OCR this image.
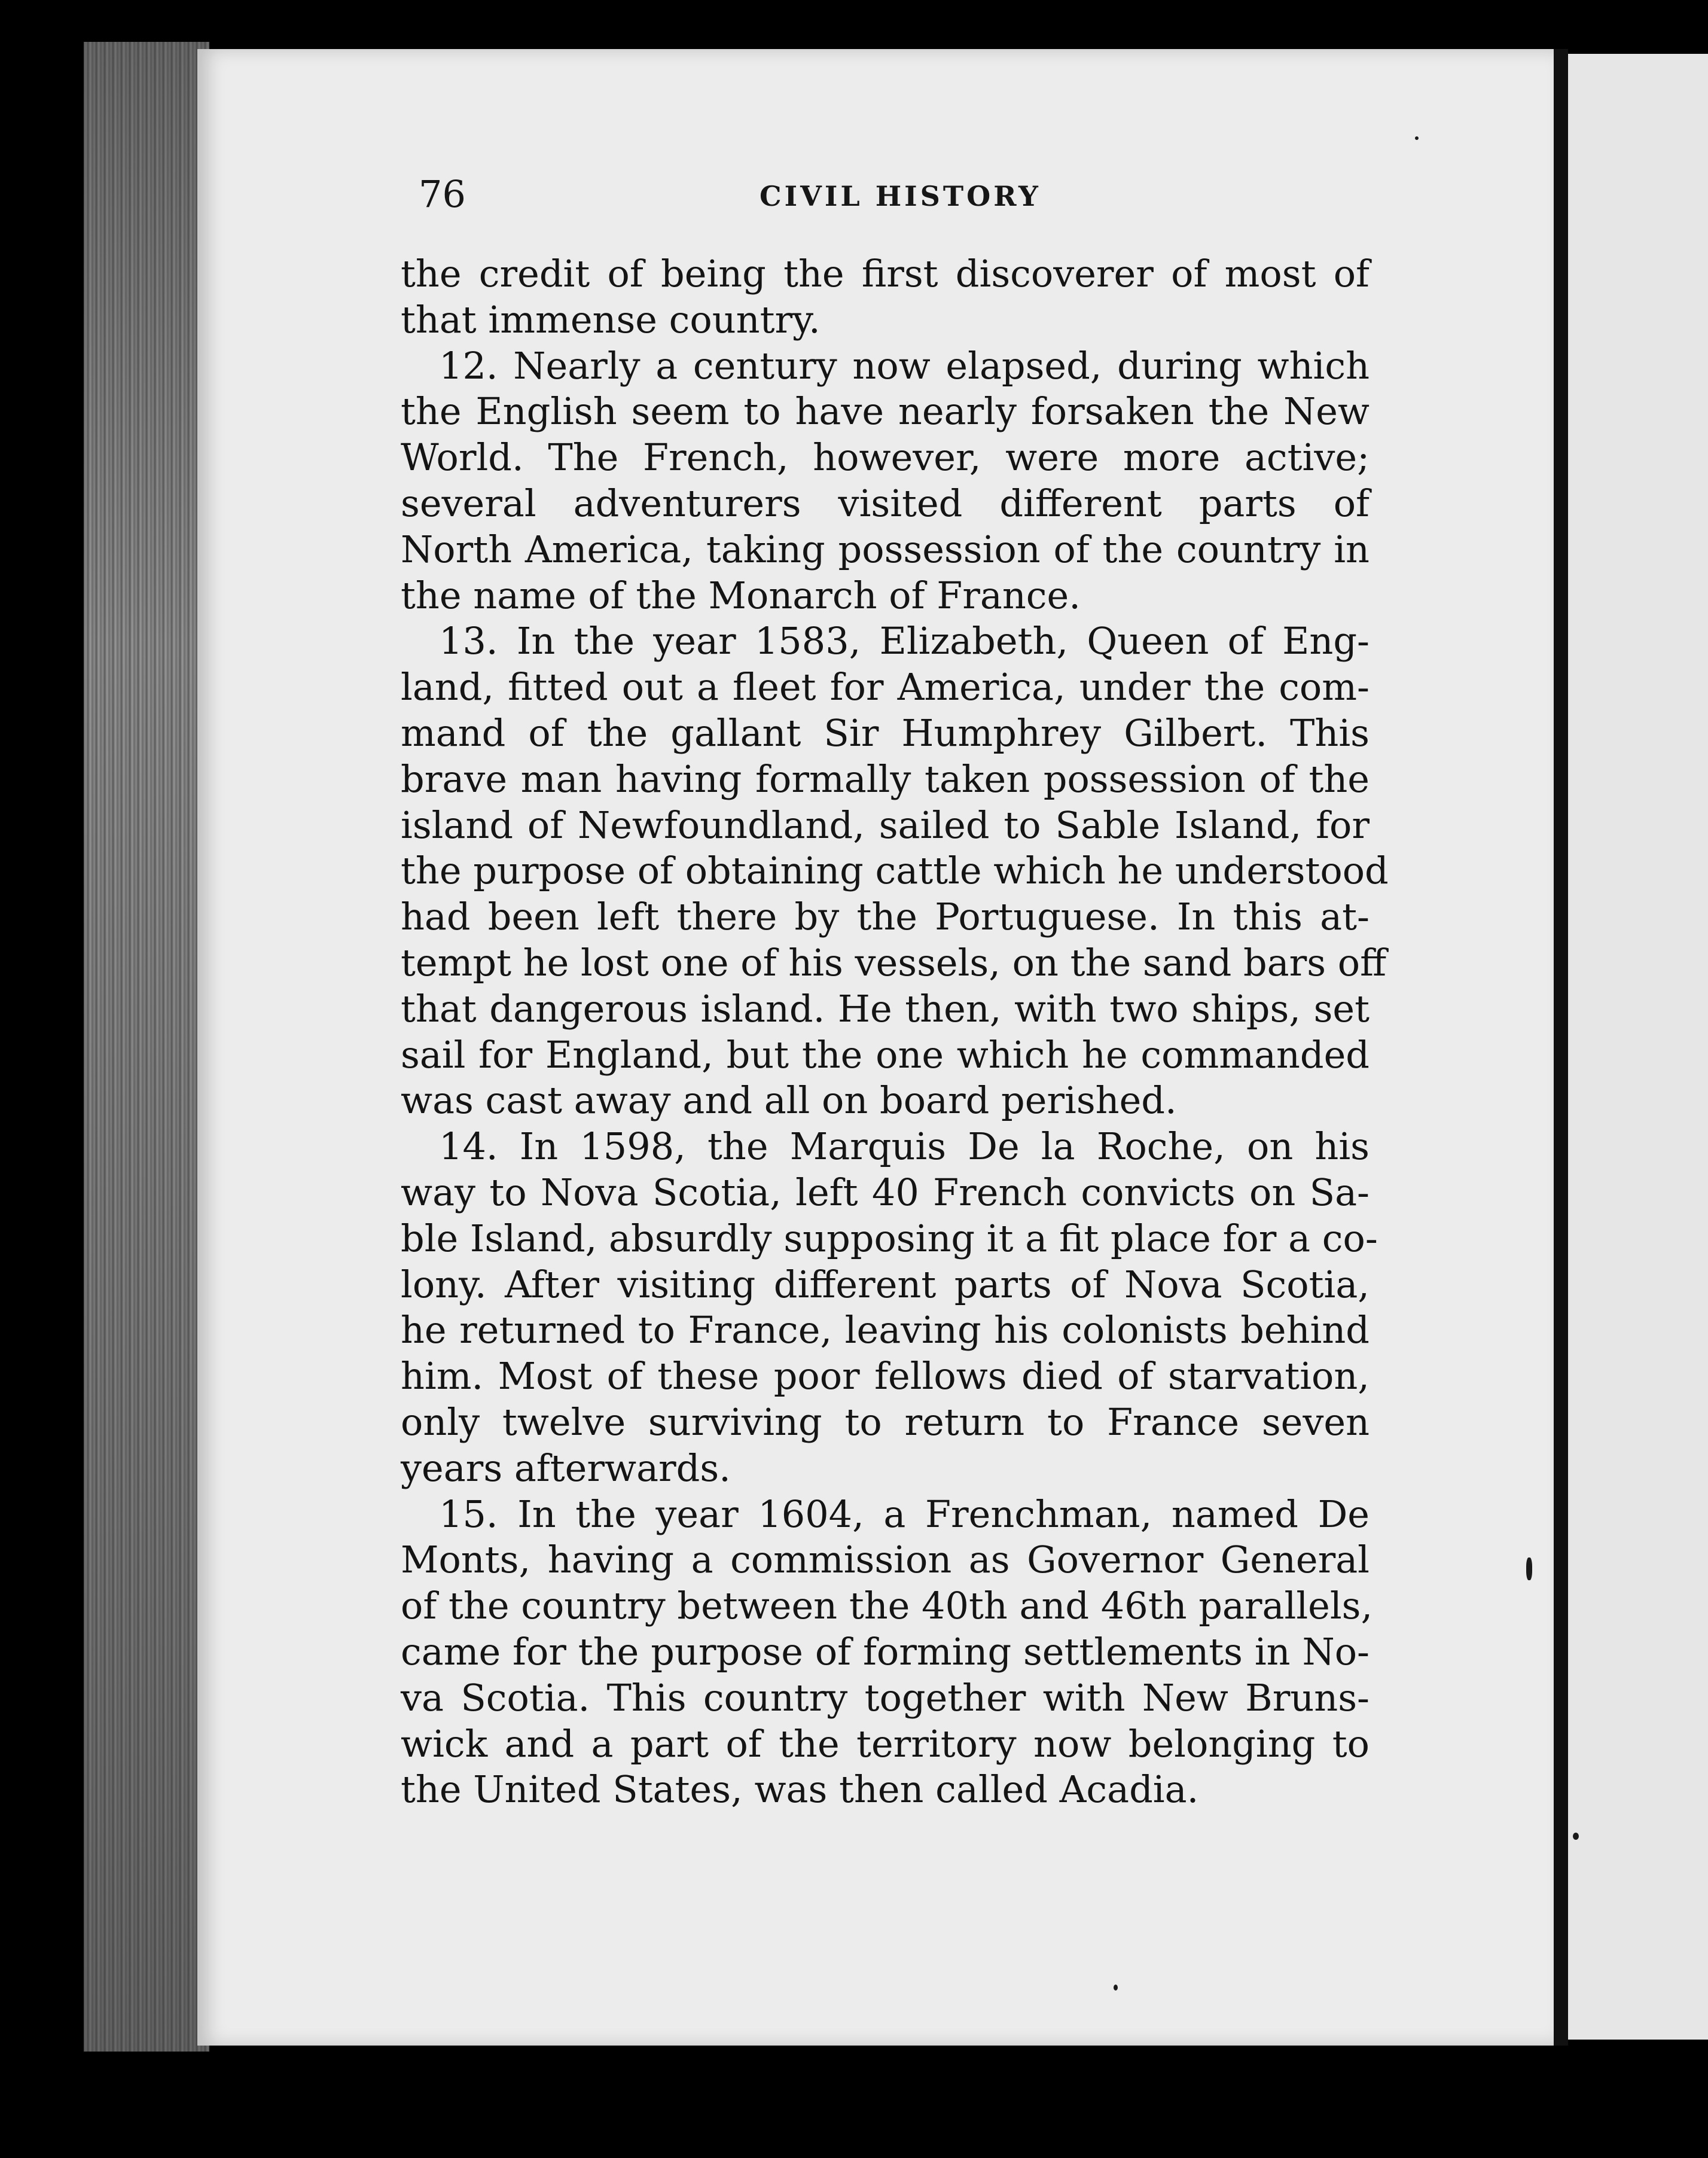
76	CIVIL HISTORY
the credit of being the first discoverer of most of
that immense country.
12. Nearly a century now elapsed, during which
the English seem to have nearly forsaken the New
World. The French, however, were more active;
several adventurers visited different parts of
North America, taking possession of the country in
the name of the Monarch of France.
13. In the year 1583, Elizabeth, Queen of Eng-
land, fitted out a fleet for America, under the com-
mand of the gallant Sir Humphrey Gilbert. This
brave man having formally taken possession of the
island of Newfoundland, sailed to Sable Island, for
the purpose of obtaining cattle which he understood
had been left there by the Portuguese. In this at-
tempt he lost one of his vessels, on the sand bars off
that dangerous island. He then, with two ships, set
sail for England, but the one which he commanded
was cast away and all on board perished.
14. In 1598, the Marquis De la Roche, on his
way to Nova Scotia, left 40 French convicts on Sa-
ble Island, absurdly supposing it a fit place for a co-
lony. After visiting different parts of Nova Scotia,
he returned to France, leaving his colonists behind
him. Most of these poor fellows died of starvation,
only twelve surviving to return to France seven
years afterwards.
15. In the year 1604, a Frenchman, named De
Monts, having a commission as Governor General
of the country between the 40th and 46th parallels,
came for the purpose of forming settlements in No-
va Scotia. This country together with New Bruns-
wick and a part of the territory now belonging to
the United States, was then called Acadia.
